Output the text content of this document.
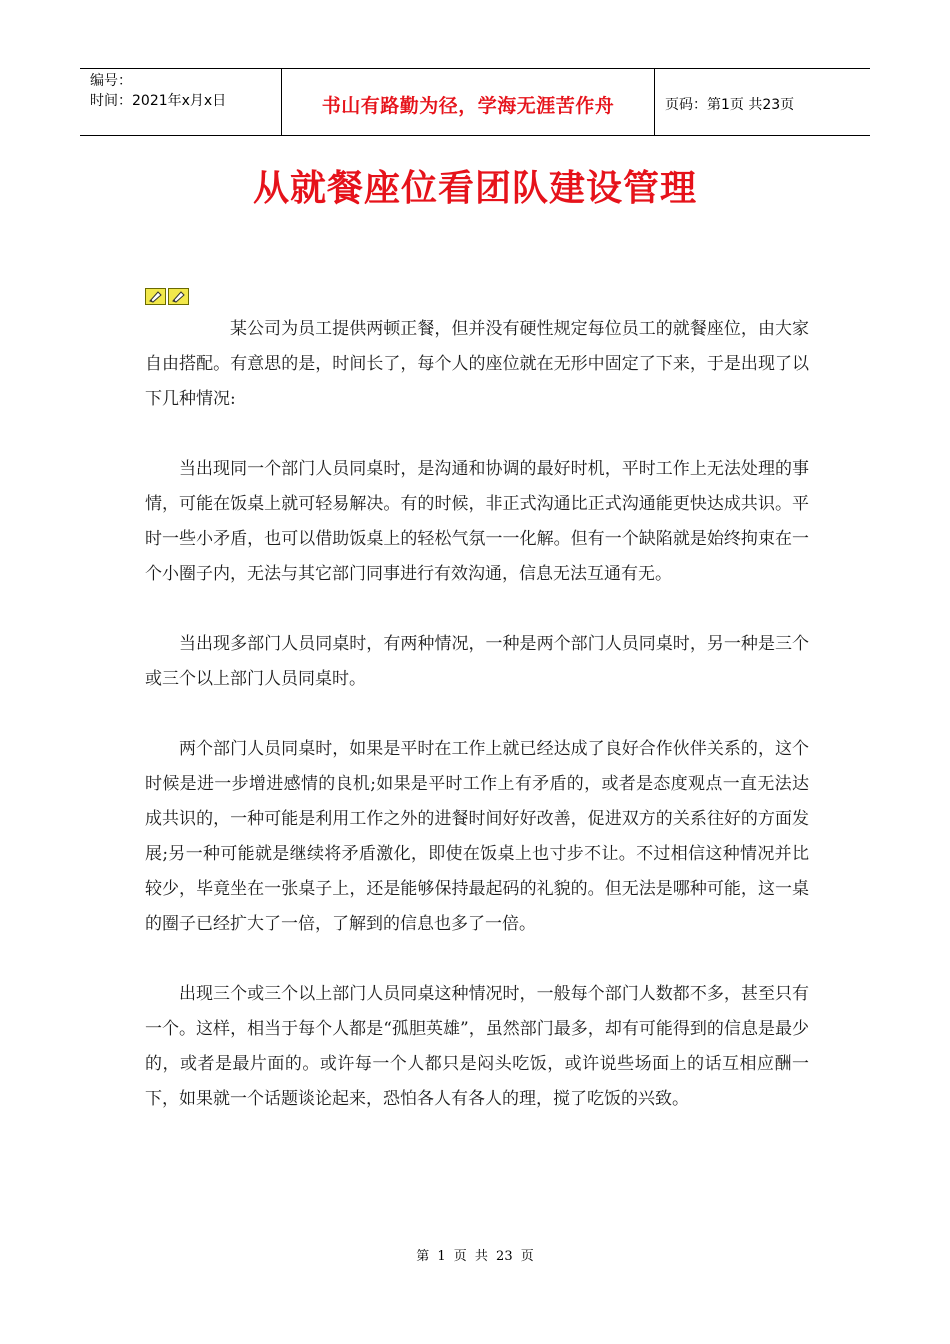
编号：
时间：2021年x月x日	书山有路勤为径，学海无涯苦作舟	页码：第1页 共23页
从就餐座位看团队建设管理

某公司为员工提供两顿正餐，但并没有硬性规定每位员工的就餐座位，由大家自由搭配。有意思的是，时间长了，每个人的座位就在无形中固定了下来，于是出现了以下几种情况:

当出现同一个部门人员同桌时，是沟通和协调的最好时机，平时工作上无法处理的事情，可能在饭桌上就可轻易解决。有的时候，非正式沟通比正式沟通能更快达成共识。平时一些小矛盾，也可以借助饭桌上的轻松气氛一一化解。但有一个缺陷就是始终拘束在一个小圈子内，无法与其它部门同事进行有效沟通，信息无法互通有无。

当出现多部门人员同桌时，有两种情况，一种是两个部门人员同桌时，另一种是三个或三个以上部门人员同桌时。

两个部门人员同桌时，如果是平时在工作上就已经达成了良好合作伙伴关系的，这个时候是进一步增进感情的良机;如果是平时工作上有矛盾的，或者是态度观点一直无法达成共识的，一种可能是利用工作之外的进餐时间好好改善，促进双方的关系往好的方面发展;另一种可能就是继续将矛盾激化，即使在饭桌上也寸步不让。不过相信这种情况并比较少，毕竟坐在一张桌子上，还是能够保持最起码的礼貌的。但无法是哪种可能，这一桌的圈子已经扩大了一倍，了解到的信息也多了一倍。

出现三个或三个以上部门人员同桌这种情况时，一般每个部门人数都不多，甚至只有一个。这样，相当于每个人都是“孤胆英雄”，虽然部门最多，却有可能得到的信息是最少的，或者是最片面的。或许每一个人都只是闷头吃饭，或许说些场面上的话互相应酬一下，如果就一个话题谈论起来，恐怕各人有各人的理，搅了吃饭的兴致。

第 1 页 共 23 页
